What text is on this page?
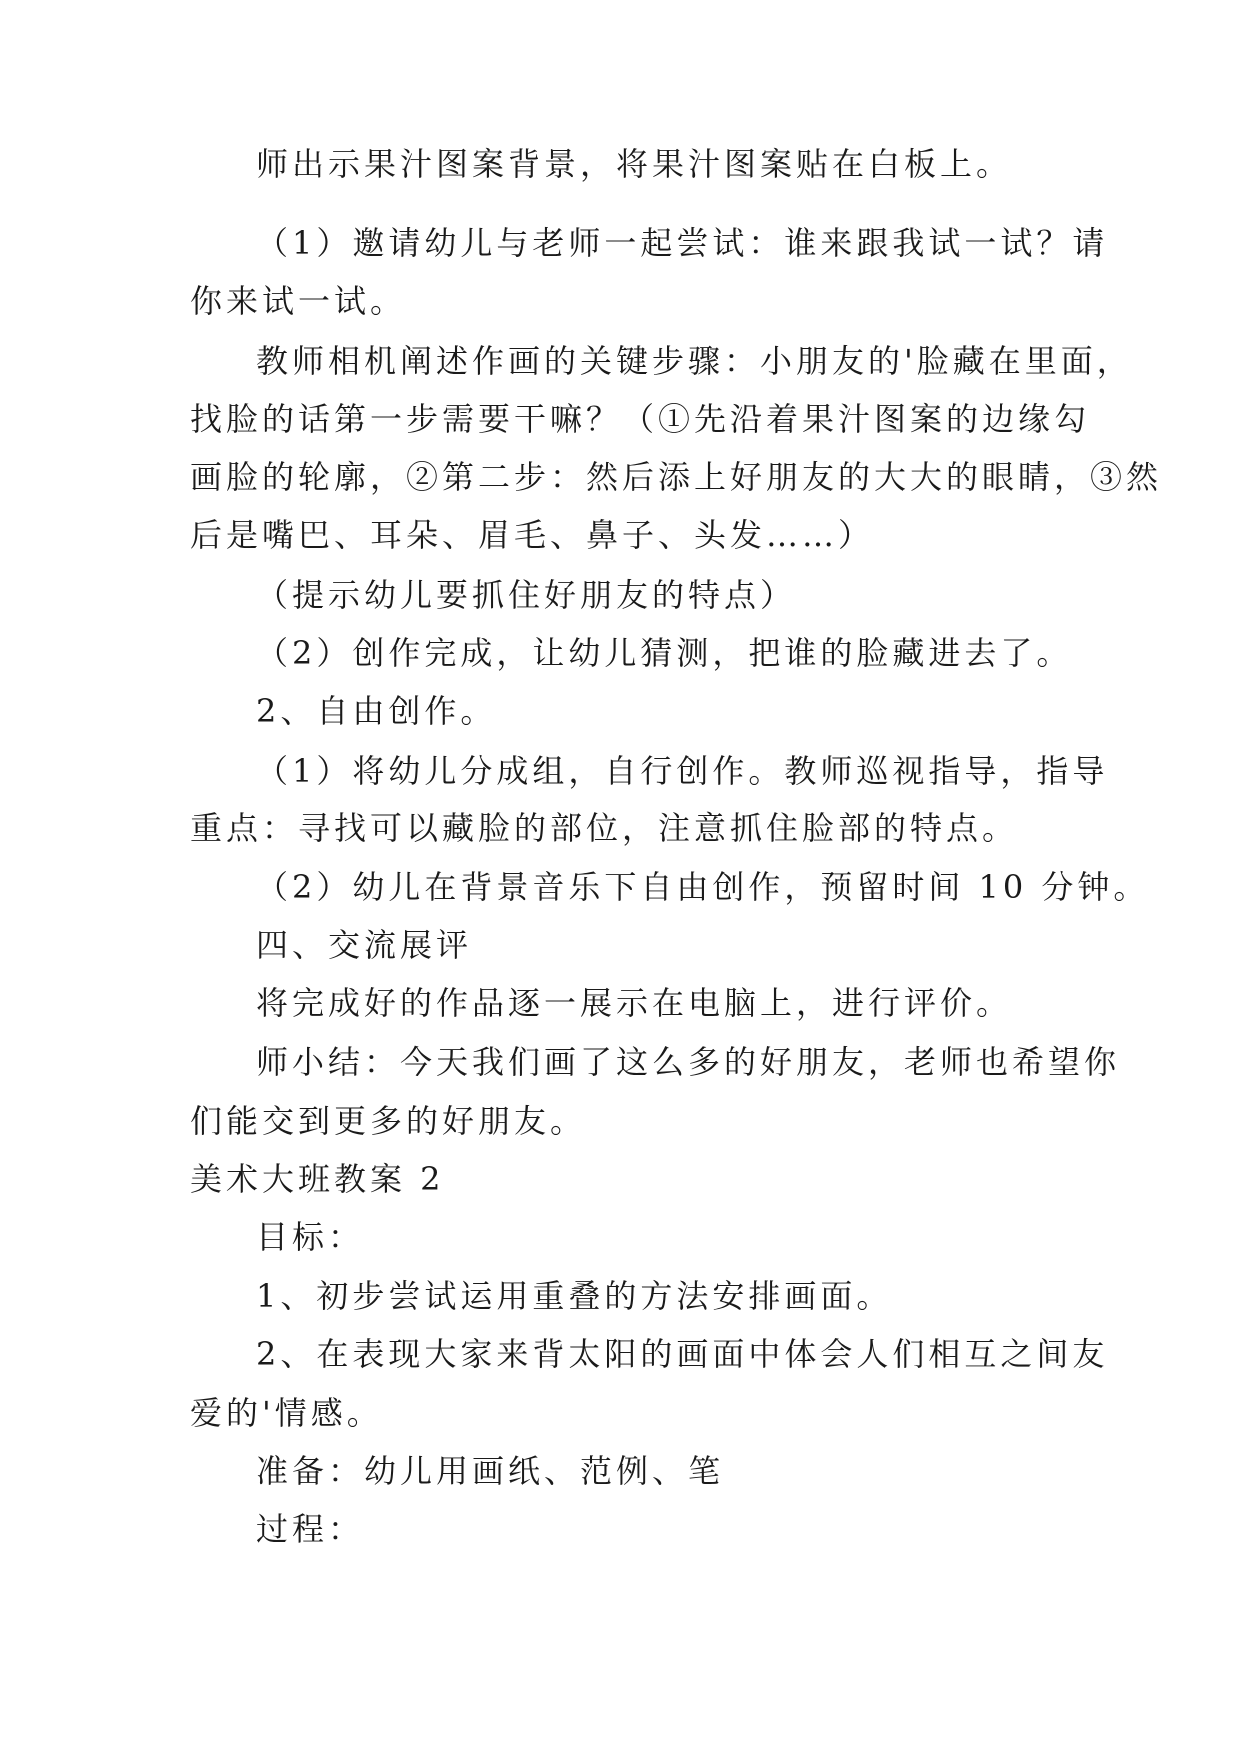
师出示果汁图案背景，将果汁图案贴在白板上。
（1）邀请幼儿与老师一起尝试：谁来跟我试一试？请
你来试一试。
教师相机阐述作画的关键步骤：小朋友的'脸藏在里面，
找脸的话第一步需要干嘛？（①先沿着果汁图案的边缘勾
画脸的轮廓，②第二步：然后添上好朋友的大大的眼睛，③然
后是嘴巴、耳朵、眉毛、鼻子、头发……）
（提示幼儿要抓住好朋友的特点）
（2）创作完成，让幼儿猜测，把谁的脸藏进去了。
2、自由创作。
（1）将幼儿分成组，自行创作。教师巡视指导，指导
重点：寻找可以藏脸的部位，注意抓住脸部的特点。
（2）幼儿在背景音乐下自由创作，预留时间 10 分钟。
四、交流展评
将完成好的作品逐一展示在电脑上，进行评价。
师小结：今天我们画了这么多的好朋友，老师也希望你
们能交到更多的好朋友。
美术大班教案 2
目标：
1、初步尝试运用重叠的方法安排画面。
2、在表现大家来背太阳的画面中体会人们相互之间友
爱的'情感。
准备：幼儿用画纸、范例、笔
过程：
